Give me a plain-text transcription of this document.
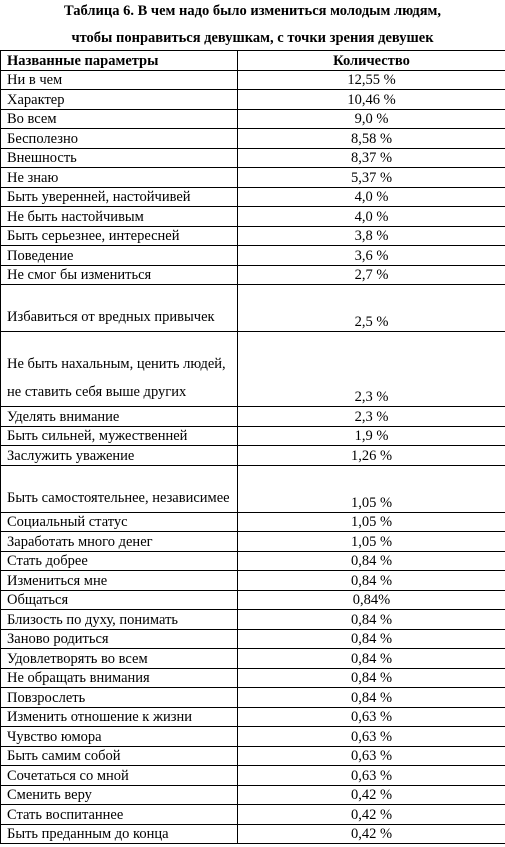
Таблица 6. В чем надо было измениться молодым людям,
чтобы понравиться девушкам, с точки зрения девушек
Названные параметры	Количество
Ни в чем	12,55 %
Характер	10,46 %
Во всем	9,0 %
Бесполезно	8,58 %
Внешность	8,37 %
Не знаю	5,37 %
Быть уверенней, настойчивей	4,0 %
Не быть настойчивым	4,0 %
Быть серьезнее, интересней	3,8 %
Поведение	3,6 %
Не смог бы измениться	2,7 %
Избавиться от вредных привычек	2,5 %
Не быть нахальным, ценить людей, не ставить себя выше других	2,3 %
Уделять внимание	2,3 %
Быть сильней, мужественней	1,9 %
Заслужить уважение	1,26 %
Быть самостоятельнее, независимее	1,05 %
Социальный статус	1,05 %
Заработать много денег	1,05 %
Стать добрее	0,84 %
Измениться мне	0,84 %
Общаться	0,84%
Близость по духу, понимать	0,84 %
Заново родиться	0,84 %
Удовлетворять во всем	0,84 %
Не обращать внимания	0,84 %
Повзрослеть	0,84 %
Изменить отношение к жизни	0,63 %
Чувство юмора	0,63 %
Быть самим собой	0,63 %
Сочетаться со мной	0,63 %
Сменить веру	0,42 %
Стать воспитаннее	0,42 %
Быть преданным до конца	0,42 %
